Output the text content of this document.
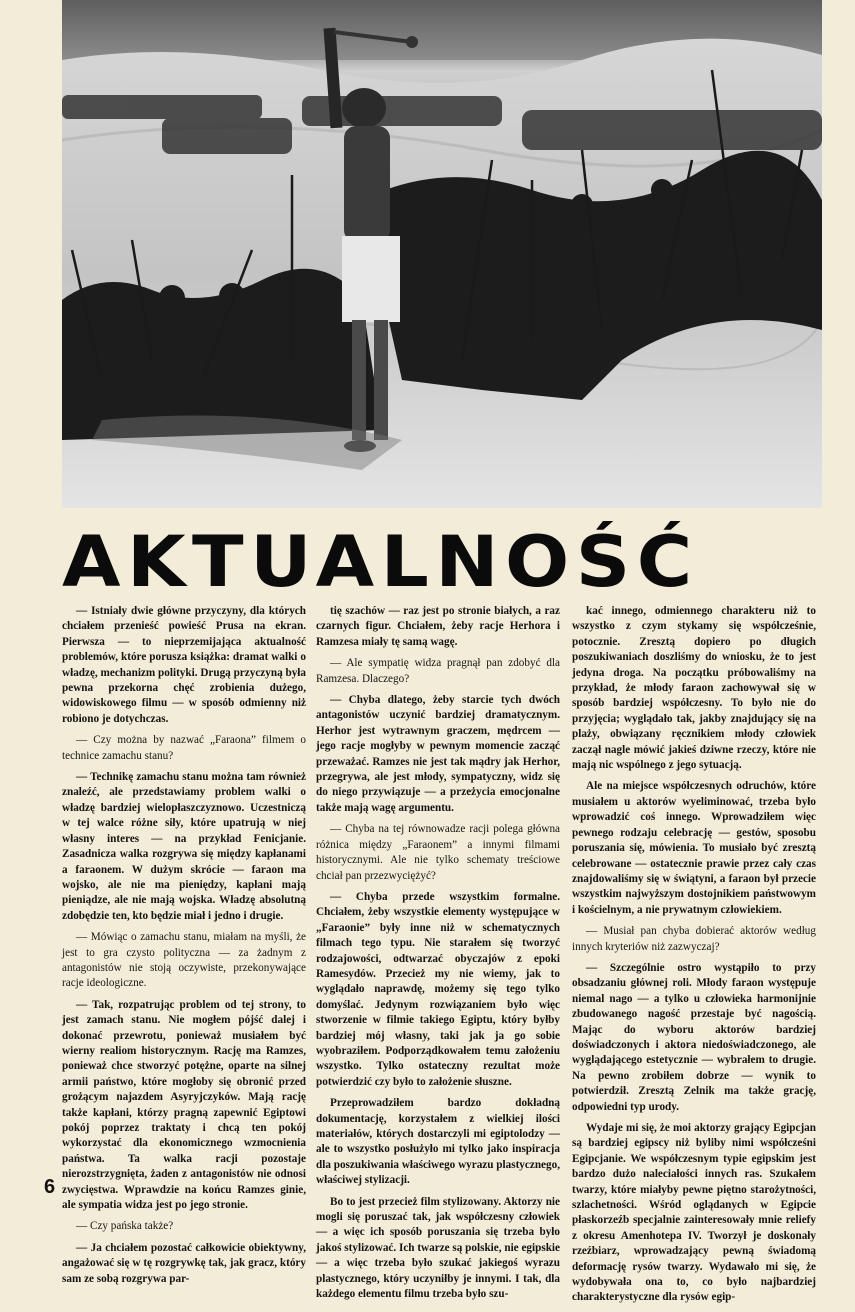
AKTUALNOŚĆ

— Istniały dwie główne przyczyny, dla których chciałem przenieść powieść Prusa na ekran. Pierwsza — to nieprzemijająca aktualność problemów, które porusza książka: dramat walki o władzę, mechanizm polityki. Drugą przyczyną była pewna przekorna chęć zrobienia dużego, widowiskowego filmu — w sposób odmienny niż robiono je dotychczas.

— Czy można by nazwać „Faraona” filmem o technice zamachu stanu?

— Technikę zamachu stanu można tam również znaleźć, ale przedstawiamy problem walki o władzę bardziej wielopłaszczyznowo. Uczestniczą w tej walce różne siły, które upatrują w niej własny interes — na przykład Fenicjanie. Zasadnicza walka rozgrywa się między kapłanami a faraonem. W dużym skrócie — faraon ma wojsko, ale nie ma pieniędzy, kapłani mają pieniądze, ale nie mają wojska. Władzę absolutną zdobędzie ten, kto będzie miał i jedno i drugie.

— Mówiąc o zamachu stanu, miałam na myśli, że jest to gra czysto polityczna — za żadnym z antagonistów nie stoją oczywiste, przekonywające racje ideologiczne.

— Tak, rozpatrując problem od tej strony, to jest zamach stanu. Nie mogłem pójść dalej i dokonać przewrotu, ponieważ musiałem być wierny realiom historycznym. Rację ma Ramzes, ponieważ chce stworzyć potężne, oparte na silnej armii państwo, które mogłoby się obronić przed grożącym najazdem Asyryjczyków. Mają rację także kapłani, którzy pragną zapewnić Egiptowi pokój poprzez traktaty i chcą ten pokój wykorzystać dla ekonomicznego wzmocnienia państwa. Ta walka racji pozostaje nierozstrzygnięta, żaden z antagonistów nie odnosi zwycięstwa. Wprawdzie na końcu Ramzes ginie, ale sympatia widza jest po jego stronie.

— Czy pańska także?

— Ja chciałem pozostać całkowicie obiektywny, angażować się w tę rozgrywkę tak, jak gracz, który sam ze sobą rozgrywa par-

tię szachów — raz jest po stronie białych, a raz czarnych figur. Chciałem, żeby racje Herhora i Ramzesa miały tę samą wagę.

— Ale sympatię widza pragnął pan zdobyć dla Ramzesa. Dlaczego?

— Chyba dlatego, żeby starcie tych dwóch antagonistów uczynić bardziej dramatycznym. Herhor jest wytrawnym graczem, mędrcem — jego racje mogłyby w pewnym momencie zacząć przeważać. Ramzes nie jest tak mądry jak Herhor, przegrywa, ale jest młody, sympatyczny, widz się do niego przywiązuje — a przeżycia emocjonalne także mają wagę argumentu.

— Chyba na tej równowadze racji polega główna różnica między „Faraonem” a innymi filmami historycznymi. Ale nie tylko schematy treściowe chciał pan przezwyciężyć?

— Chyba przede wszystkim formalne. Chciałem, żeby wszystkie elementy występujące w „Faraonie” były inne niż w schematycznych filmach tego typu. Nie starałem się tworzyć rodzajowości, odtwarzać obyczajów z epoki Ramesydów. Przecież my nie wiemy, jak to wyglądało naprawdę, możemy się tego tylko domyślać. Jedynym rozwiązaniem było więc stworzenie w filmie takiego Egiptu, który byłby bardziej mój własny, taki jak ja go sobie wyobraziłem. Podporządkowałem temu założeniu wszystko. Tylko ostateczny rezultat może potwierdzić czy było to założenie słuszne.

Przeprowadziłem bardzo dokładną dokumentację, korzystałem z wielkiej ilości materiałów, których dostarczyli mi egiptolodzy — ale to wszystko posłużyło mi tylko jako inspiracja dla poszukiwania właściwego wyrazu plastycznego, właściwej stylizacji.

Bo to jest przecież film stylizowany. Aktorzy nie mogli się poruszać tak, jak współczesny człowiek — a więc ich sposób poruszania się trzeba było jakoś stylizować. Ich twarze są polskie, nie egipskie — a więc trzeba było szukać jakiegoś wyrazu plastycznego, który uczyniłby je innymi. I tak, dla każdego elementu filmu trzeba było szu-

kać innego, odmiennego charakteru niż to wszystko z czym stykamy się współcześnie, potocznie. Zresztą dopiero po długich poszukiwaniach doszliśmy do wniosku, że to jest jedyna droga. Na początku próbowaliśmy na przykład, że młody faraon zachowywał się w sposób bardziej współczesny. To było nie do przyjęcia; wyglądało tak, jakby znajdujący się na plaży, obwiązany ręcznikiem młody człowiek zaczął nagle mówić jakieś dziwne rzeczy, które nie mają nic wspólnego z jego sytuacją.

Ale na miejsce współczesnych odruchów, które musiałem u aktorów wyeliminować, trzeba było wprowadzić coś innego. Wprowadziłem więc pewnego rodzaju celebrację — gestów, sposobu poruszania się, mówienia. To musiało być zresztą celebrowane — ostatecznie prawie przez cały czas znajdowaliśmy się w świątyni, a faraon był przecie wszystkim najwyższym dostojnikiem państwowym i kościelnym, a nie prywatnym człowiekiem.

— Musiał pan chyba dobierać aktorów według innych kryteriów niż zazwyczaj?

— Szczególnie ostro wystąpiło to przy obsadzaniu głównej roli. Młody faraon występuje niemal nago — a tylko u człowieka harmonijnie zbudowanego nagość przestaje być nagością. Mając do wyboru aktorów bardziej doświadczonych i aktora niedoświadczonego, ale wyglądającego estetycznie — wybrałem to drugie. Na pewno zrobiłem dobrze — wynik to potwierdził. Zresztą Zelnik ma także grację, odpowiedni typ urody.

Wydaje mi się, że moi aktorzy grający Egipcjan są bardziej egipscy niż byliby nimi współcześni Egipcjanie. We współczesnym typie egipskim jest bardzo dużo naleciałości innych ras. Szukałem twarzy, które miałyby pewne piętno starożytności, szlachetności. Wśród oglądanych w Egipcie płaskorzeźb specjalnie zainteresowały mnie reliefy z okresu Amenhotepa IV. Tworzył je doskonały rzeźbiarz, wprowadzający pewną świadomą deformację rysów twarzy. Wydawało mi się, że wydobywała ona to, co było najbardziej charakterystyczne dla rysów egip-

6
